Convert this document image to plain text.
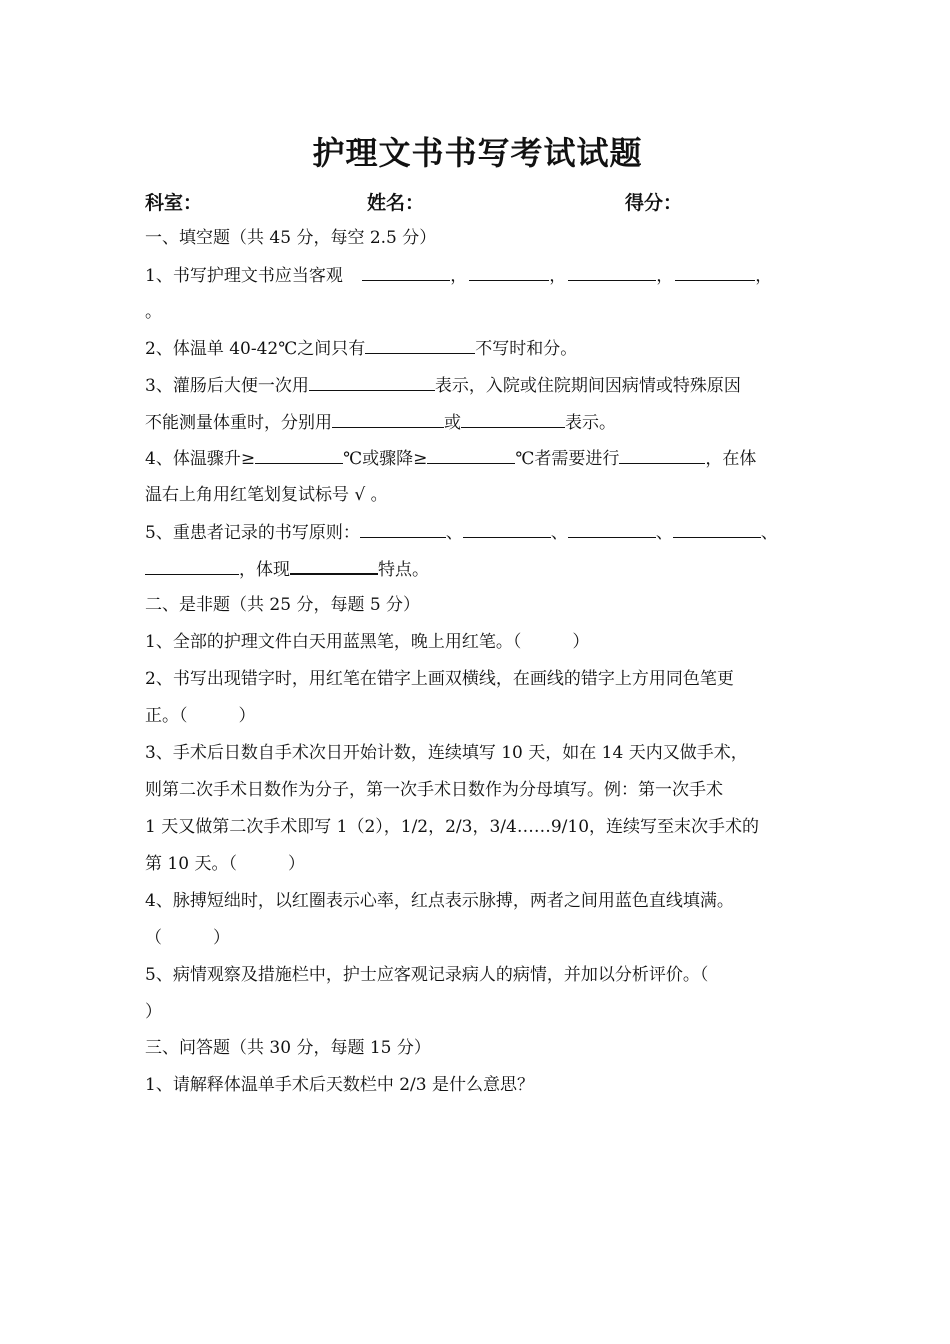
护理文书书写考试试题
科室：	姓名：	得分：
一、填空题（共 45 分，每空 2.5 分）
1、书写护理文书应当客观	，	，	，	，
。
2、体温单 40-42℃之间只有	不写时和分。
3、灌肠后大便一次用	表示，入院或住院期间因病情或特殊原因
不能测量体重时，分别用	或	表示。
4、体温骤升≥	℃或骤降≥	℃者需要进行	，在体
温右上角用红笔划复试标号 √ 。
5、重患者记录的书写原则：	、	、	、	、
，体现	特点。
二、是非题（共 25 分，每题 5 分）
1、全部的护理文件白天用蓝黑笔，晚上用红笔。（　　　）
2、书写出现错字时，用红笔在错字上画双横线，在画线的错字上方用同色笔更
正。（　　　）
3、手术后日数自手术次日开始计数，连续填写 10 天，如在 14 天内又做手术，
则第二次手术日数作为分子，第一次手术日数作为分母填写。例：第一次手术
1 天又做第二次手术即写 1（2），1/2，2/3，3/4……9/10，连续写至末次手术的
第 10 天。（　　　）
4、脉搏短绌时，以红圈表示心率，红点表示脉搏，两者之间用蓝色直线填满。
（　　　）
5、病情观察及措施栏中，护士应客观记录病人的病情，并加以分析评价。（
）
三、问答题（共 30 分，每题 15 分）
1、请解释体温单手术后天数栏中 2/3 是什么意思？
